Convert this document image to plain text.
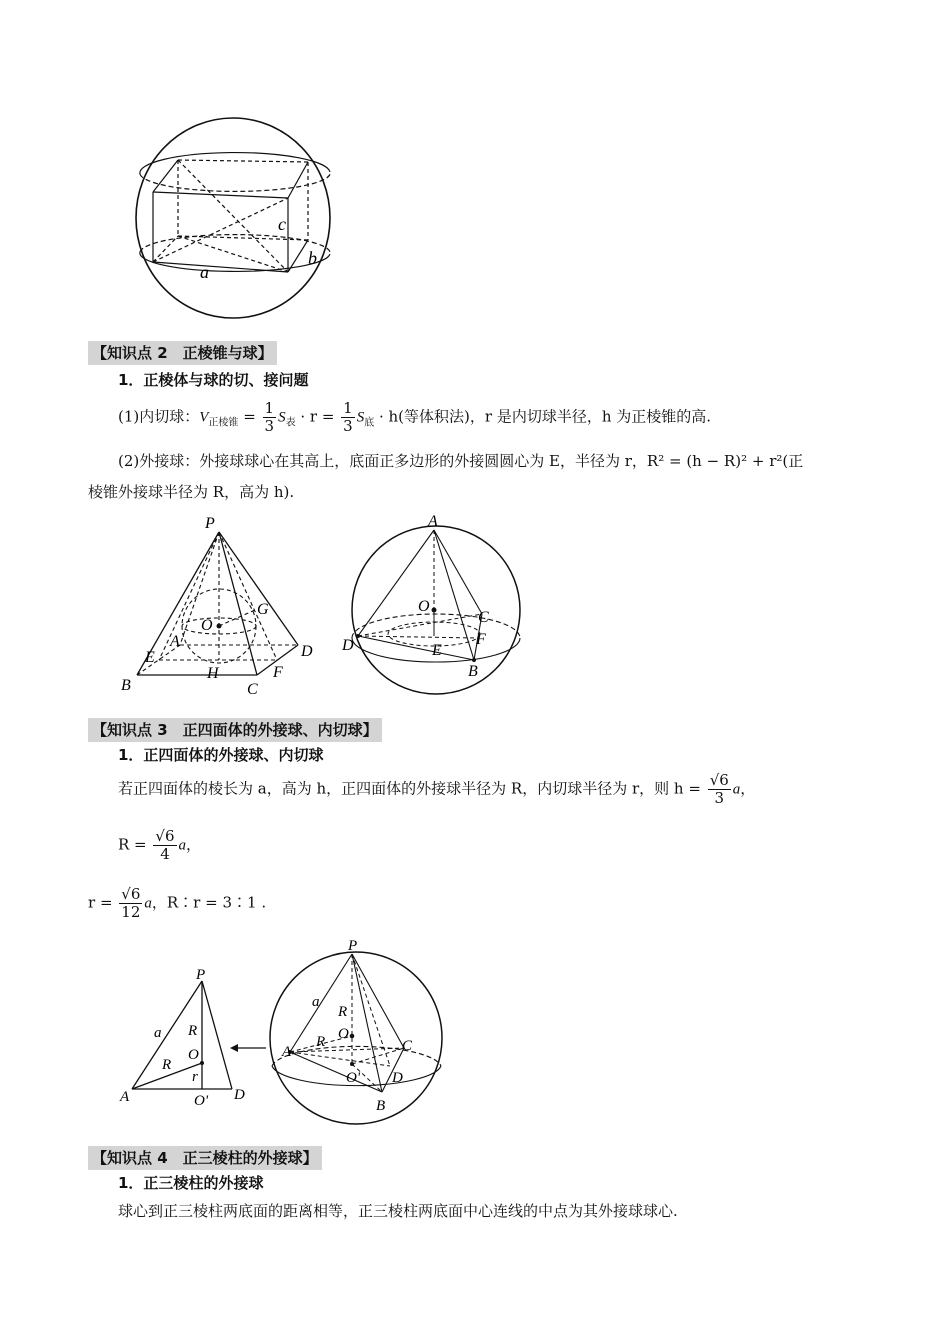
c
b
a
【知识点 2　正棱锥与球】
1．正棱体与球的切、接问题
(1)内切球：$V_{正棱锥} = \frac{1}{3} S_表 \cdot r = \frac{1}{3} S_底 \cdot h$(等体积法)，r 是内切球半径，h 为正棱锥的高.
(2)外接球：外接球球心在其高上，底面正多边形的外接圆圆心为 E，半径为 r，R² = (h − R)² + r²(正
棱锥外接球半径为 R，高为 h).
P
G
O
A
D
E
F
B
H
C
A
O
C
D	F
E
B
【知识点 3　正四面体的外接球、内切球】
1．正四面体的外接球、内切球
若正四面体的棱长为 a，高为 h，正四面体的外接球半径为 R，内切球半径为 r，则 $h = \frac{√6}{3}$ a，
$R = \frac{√6}{4}$ a，
$r = \frac{√6}{12}$ a，R∶r = 3∶1 .
P
a R
O
R
r
A	O' D
P
a
R
O
A
R	C
O' D
B
【知识点 4　正三棱柱的外接球】
1．正三棱柱的外接球
球心到正三棱柱两底面的距离相等，正三棱柱两底面中心连线的中点为其外接球球心.
